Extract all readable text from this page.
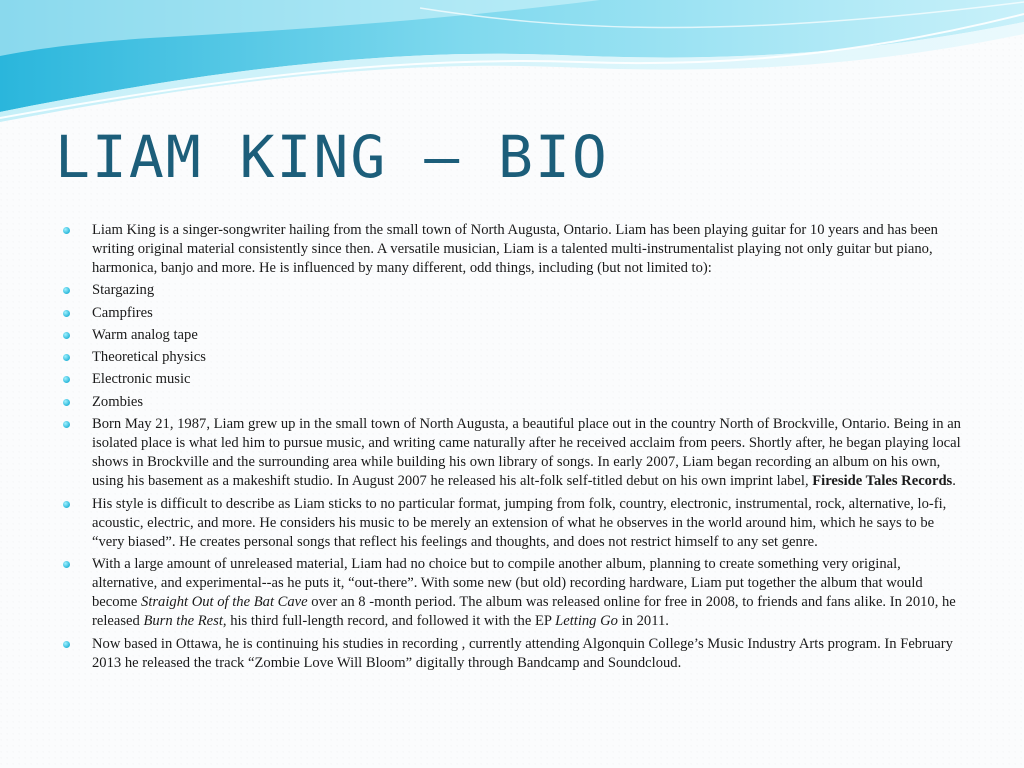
LIAM KING – BIO
Liam King is a singer-songwriter hailing from the small town of North Augusta, Ontario. Liam has been playing guitar for 10 years and has been writing original material consistently since then. A versatile musician, Liam is a talented multi-instrumentalist playing not only guitar but piano, harmonica, banjo and more. He is influenced by many different, odd things, including (but not limited to):
Stargazing
Campfires
Warm analog tape
Theoretical physics
Electronic music
Zombies
Born May 21, 1987, Liam grew up in the small town of North Augusta, a beautiful place out in the country North of Brockville, Ontario. Being in an isolated place is what led him to pursue music, and writing came naturally after he received acclaim from peers. Shortly after, he began playing local shows in Brockville and the surrounding area while building his own library of songs. In early 2007, Liam began recording an album on his own, using his basement as a makeshift studio. In August 2007 he released his alt-folk self-titled debut on his own imprint label, Fireside Tales Records.
His style is difficult to describe as Liam sticks to no particular format, jumping from folk, country, electronic, instrumental, rock, alternative, lo-fi, acoustic, electric, and more. He considers his music to be merely an extension of what he observes in the world around him, which he says to be “very biased”. He creates personal songs that reflect his feelings and thoughts, and does not restrict himself to any set genre.
With a large amount of unreleased material, Liam had no choice but to compile another album, planning to create something very original, alternative, and experimental--as he puts it, “out-there”. With some new (but old) recording hardware, Liam put together the album that would become Straight Out of the Bat Cave over an 8 -month period. The album was released online for free in 2008, to friends and fans alike. In 2010, he released Burn the Rest, his third full-length record, and followed it with the EP Letting Go in 2011.
Now based in Ottawa, he is continuing his studies in recording , currently attending Algonquin College’s Music Industry Arts program. In February 2013 he released the track “Zombie Love Will Bloom” digitally through Bandcamp and Soundcloud.
